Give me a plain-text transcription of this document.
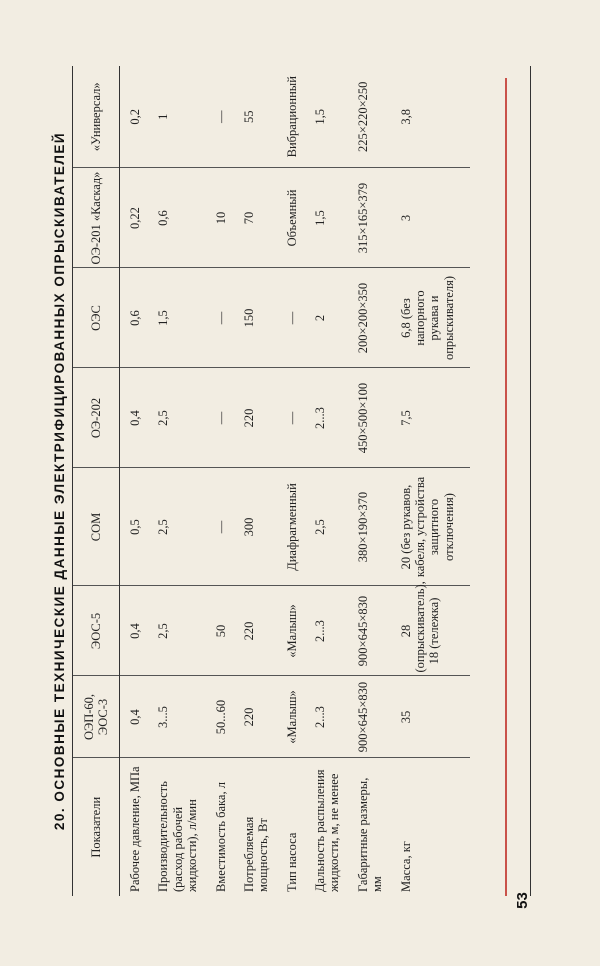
20. ОСНОВНЫЕ ТЕХНИЧЕСКИЕ ДАННЫЕ ЭЛЕКТРИФИЦИРОВАННЫХ ОПРЫСКИВАТЕЛЕЙ Показатели	ОЭП-60, ЭОС-3	ЭОС-5	СОМ	ОЭ-202	ОЭС	ОЭ-201 «Каскад»	«Универсал»
Рабочее давление, МПа	0,4	0,4	0,5	0,4	0,6	0,22	0,2
Производительность (расход рабочей жидкости), л/мин	3...5	2,5	2,5	2,5	1,5	0,6	1
Вместимость бака, л	50...60	50	—	—	—	10	—
Потребляемая мощность, Вт	220	220	300	220	150	70	55
Тип насоса	«Малыш»	«Малыш»	Диафрагменный	—	—	Объемный	Вибрационный
Дальность распыления жидкости, м, не менее	2...3	2...3	2,5	2...3	2	1,5	1,5
Габаритные размеры, мм	900×645×830	900×645×830	380×190×370	450×500×100	200×200×350	315×165×379	225×220×250
Масса, кг	35	28 (опрыскиватель), 18 (тележка)	20 (без рукавов, кабеля, устройства защитного отключения)	7,5	6,8 (без напорного рукава и опрыскивателя)	3	3,8
53
